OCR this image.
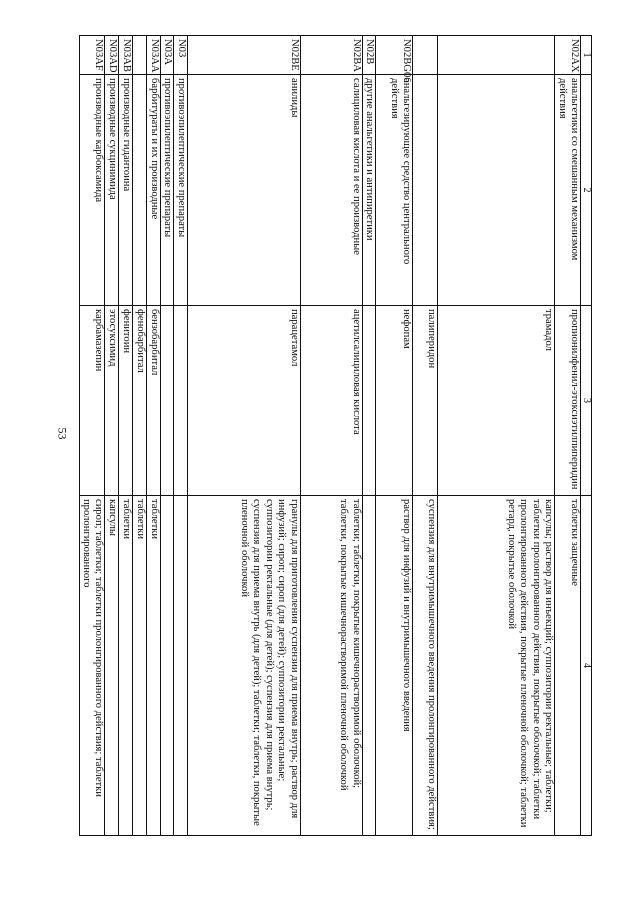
53
1	2	3	4
N02AX	анальгетики со смешанным механизмом действия	пропионилфенил-этоксиэтилпиперидин	таблетки защечные
		трамадол	капсулы; раствор для инъекций; суппозитории ректальные; таблетки; таблетки пролонгированного действия, покрытые оболочкой; таблетки пролонгированного действия, покрытые пленочной оболочкой; таблетки ретард, покрытые оболочкой
		палиперидон	суспензия для внутримышечного введения пролонгированного действия;
N02BG06	анальгезирующее средство центрального действия	нефопам	раствор для инфузий и внутримышечного введения
N02B	другие анальгетики и антипиретики		
N02BA	салициловая кислота и ее производные	ацетилсалициловая кислота	таблетки; таблетки, покрытые кишечнорастворимой оболочкой; таблетки, покрытые кишечнорастворимой пленочной оболочкой
N02BE	анилиды	парацетамол	гранулы для приготовления суспензии для приема внутрь; раствор для инфузий; сироп; сироп (для детей); суппозитории ректальные; суппозитории ректальные (для детей); суспензия для приема внутрь; суспензия для приема внутрь (для детей); таблетки; таблетки, покрытые пленочной оболочкой
N03	противоэпилептические препараты		
N03A	противоэпилептические препараты		
N03AA	барбитураты и их производные	бензобарбитал	таблетки
		фенобарбитал	таблетки
N03AB	производные гидантоина	фенитоин	таблетки
N03AD	производные сукцинимида	этосуксимид	капсулы
N03AF	производные карбоксамида	карбамазепин	сироп; таблетки; таблетки пролонгированного действия; таблетки пролонгированного
